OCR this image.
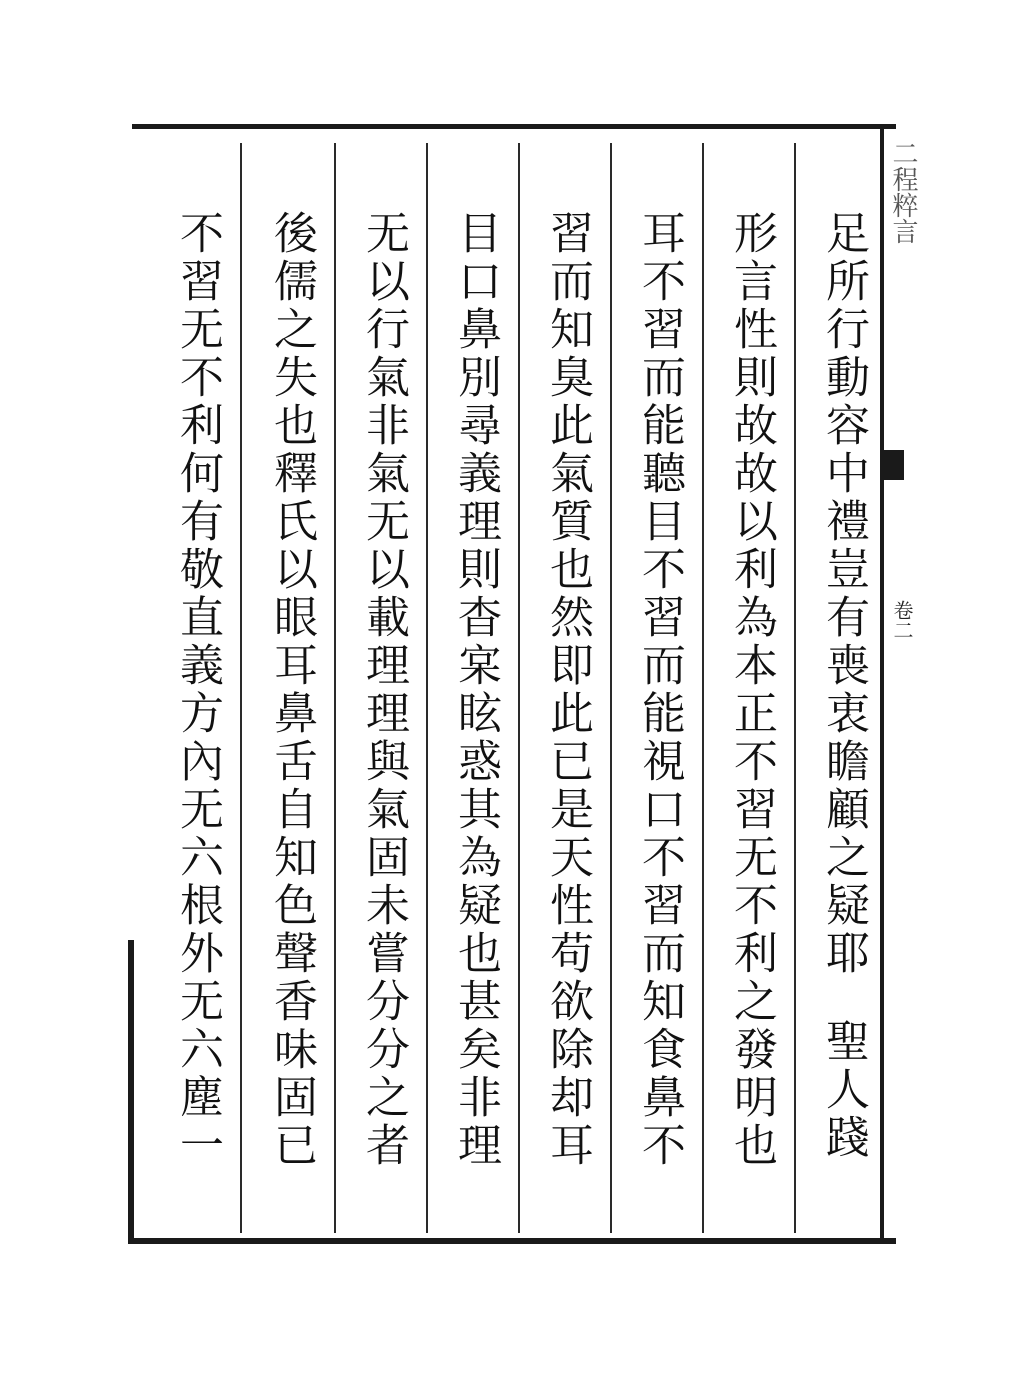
二程粹言
卷二
足所行動容中禮豈有喪衷瞻顧之疑耶聖人踐
形言性則故故以利為本正不習无不利之發明也
耳不習而能聽目不習而能視口不習而知食鼻不
習而知臭此氣質也然即此已是天性苟欲除却耳
目口鼻別尋義理則杳宲眩惑其為疑也甚矣非理
无以行氣非氣无以載理理與氣固未嘗分分之者
後儒之失也釋氏以眼耳鼻舌自知色聲香味固已
不習无不利何有敬直義方內无六根外无六塵一
